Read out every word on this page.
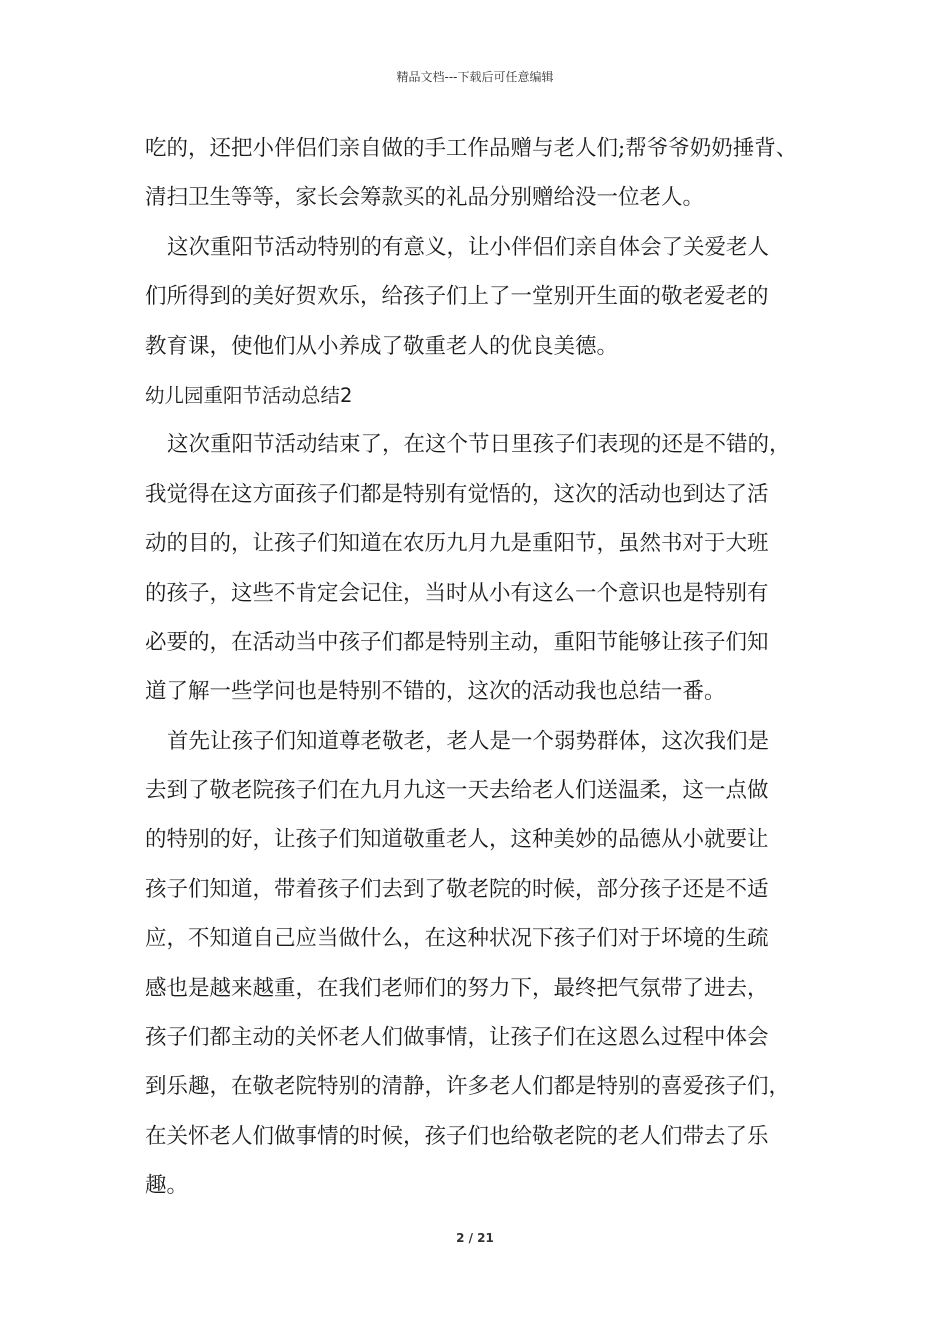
精品文档---下载后可任意编辑
吃的，还把小伴侣们亲自做的手工作品赠与老人们;帮爷爷奶奶捶背、
清扫卫生等等，家长会筹款买的礼品分别赠给没一位老人。
这次重阳节活动特别的有意义，让小伴侣们亲自体会了关爱老人
们所得到的美好贺欢乐，给孩子们上了一堂别开生面的敬老爱老的
教育课，使他们从小养成了敬重老人的优良美德。
幼儿园重阳节活动总结2
这次重阳节活动结束了，在这个节日里孩子们表现的还是不错的，
我觉得在这方面孩子们都是特别有觉悟的，这次的活动也到达了活
动的目的，让孩子们知道在农历九月九是重阳节，虽然书对于大班
的孩子，这些不肯定会记住，当时从小有这么一个意识也是特别有
必要的，在活动当中孩子们都是特别主动，重阳节能够让孩子们知
道了解一些学问也是特别不错的，这次的活动我也总结一番。
首先让孩子们知道尊老敬老，老人是一个弱势群体，这次我们是
去到了敬老院孩子们在九月九这一天去给老人们送温柔，这一点做
的特别的好，让孩子们知道敬重老人，这种美妙的品德从小就要让
孩子们知道，带着孩子们去到了敬老院的时候，部分孩子还是不适
应，不知道自己应当做什么，在这种状况下孩子们对于坏境的生疏
感也是越来越重，在我们老师们的努力下，最终把气氛带了进去，
孩子们都主动的关怀老人们做事情，让孩子们在这恩么过程中体会
到乐趣，在敬老院特别的清静，许多老人们都是特别的喜爱孩子们，
在关怀老人们做事情的时候，孩子们也给敬老院的老人们带去了乐
趣。
2 / 21
